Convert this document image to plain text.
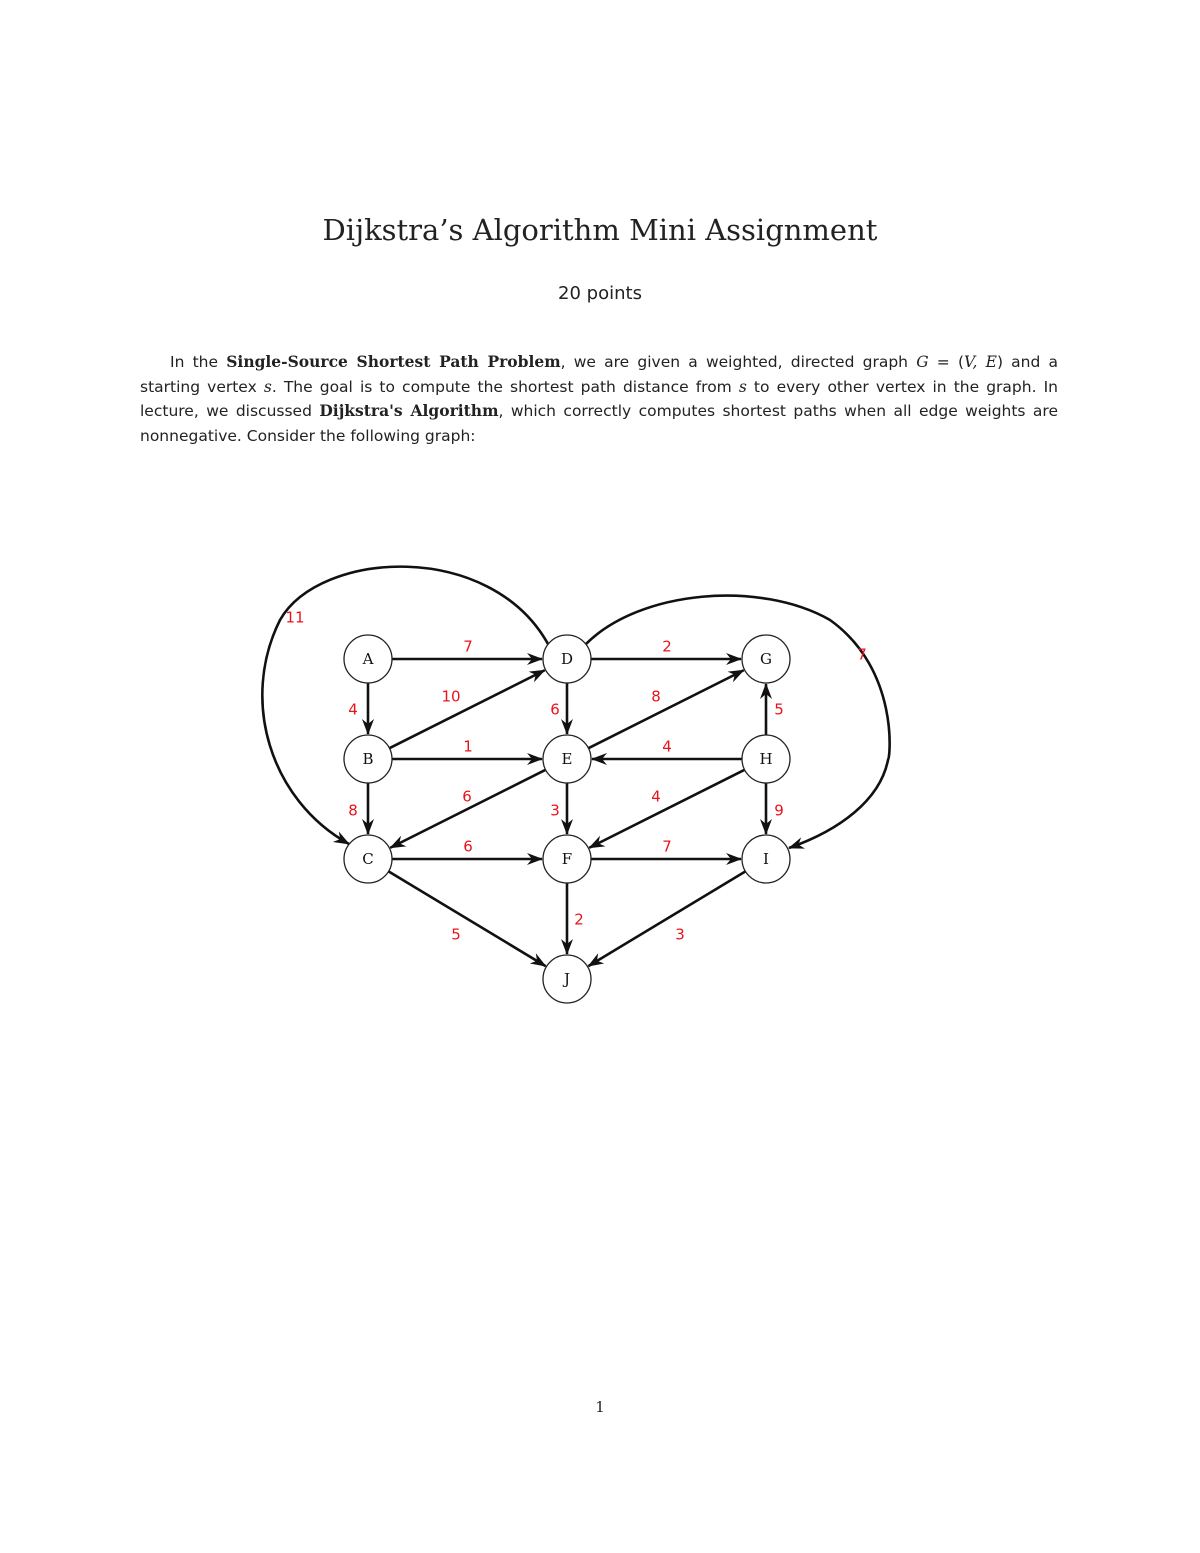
Dijkstra’s Algorithm Mini Assignment
20 points

In the Single-Source Shortest Path Problem, we are given a weighted, directed graph G = (V, E) and a starting vertex s. The goal is to compute the shortest path distance from s to every other vertex in the graph. In lecture, we discussed Dijkstra's Algorithm, which correctly computes shortest paths when all edge weights are nonnegative. Consider the following graph:

7
4
10
1
8
2
6
11
7
8
6
3
4
5
4
9
6
5
7
2
3
A
B
C
D
E
F
G
H
I
J
1
